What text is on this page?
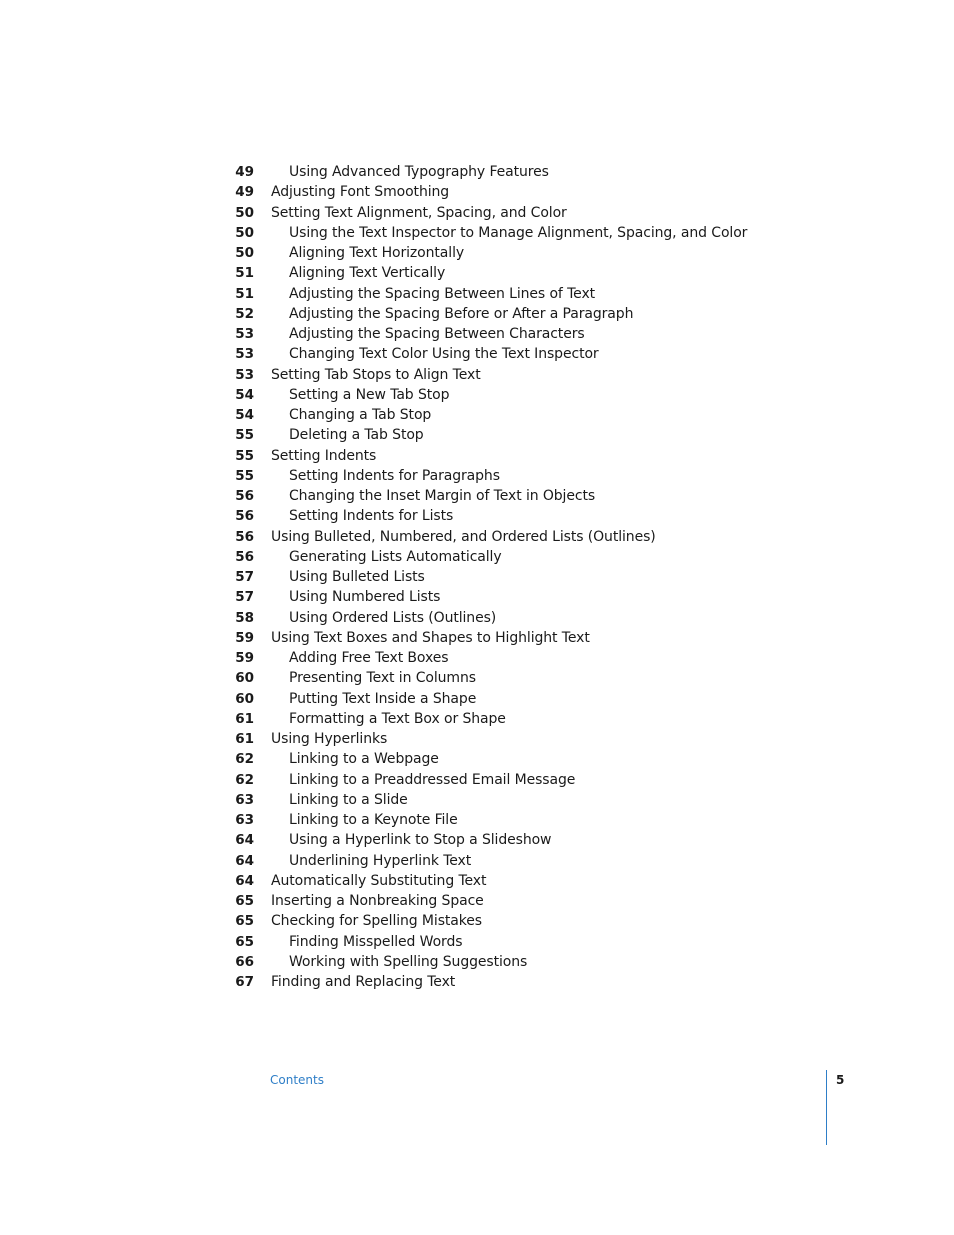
49	Using Advanced Typography Features
49 Adjusting Font Smoothing
50 Setting Text Alignment, Spacing, and Color
50	Using the Text Inspector to Manage Alignment, Spacing, and Color
50	Aligning Text Horizontally
51	Aligning Text Vertically
51	Adjusting the Spacing Between Lines of Text
52	Adjusting the Spacing Before or After a Paragraph
53	Adjusting the Spacing Between Characters
53	Changing Text Color Using the Text Inspector
53 Setting Tab Stops to Align Text
54	Setting a New Tab Stop
54	Changing a Tab Stop
55	Deleting a Tab Stop
55 Setting Indents
55	Setting Indents for Paragraphs
56	Changing the Inset Margin of Text in Objects
56	Setting Indents for Lists
56 Using Bulleted, Numbered, and Ordered Lists (Outlines)
56	Generating Lists Automatically
57	Using Bulleted Lists
57	Using Numbered Lists
58	Using Ordered Lists (Outlines)
59 Using Text Boxes and Shapes to Highlight Text
59	Adding Free Text Boxes
60	Presenting Text in Columns
60	Putting Text Inside a Shape
61	Formatting a Text Box or Shape
61 Using Hyperlinks
62	Linking to a Webpage
62	Linking to a Preaddressed Email Message
63	Linking to a Slide
63	Linking to a Keynote File
64	Using a Hyperlink to Stop a Slideshow
64	Underlining Hyperlink Text
64 Automatically Substituting Text
65 Inserting a Nonbreaking Space
65 Checking for Spelling Mistakes
65	Finding Misspelled Words
66	Working with Spelling Suggestions
67 Finding and Replacing Text
Contents	5
